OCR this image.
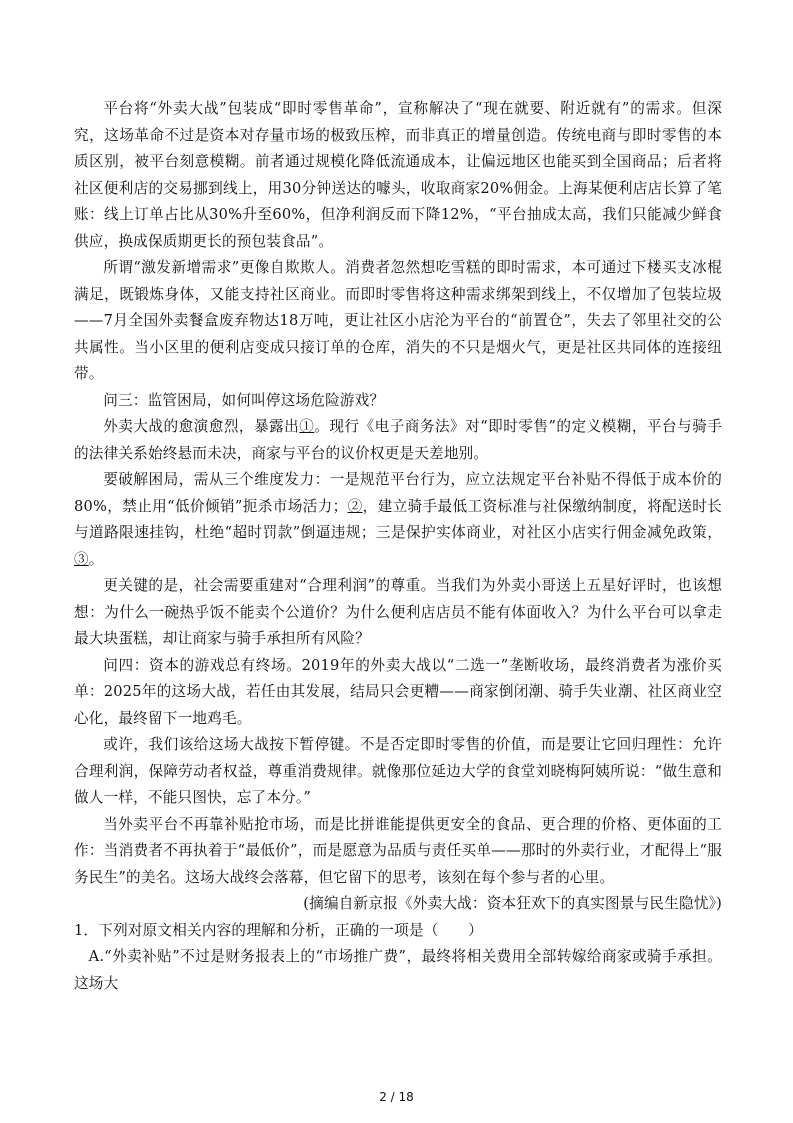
平台将“外卖大战”包装成“即时零售革命”，宣称解决了“现在就要、附近就有”的需求。但深究，这场革命不过是资本对存量市场的极致压榨，而非真正的增量创造。传统电商与即时零售的本质区别，被平台刻意模糊。前者通过规模化降低流通成本，让偏远地区也能买到全国商品；后者将社区便利店的交易挪到线上，用30分钟送达的噱头，收取商家20%佣金。上海某便利店店长算了笔账：线上订单占比从30%升至60%，但净利润反而下降12%，“平台抽成太高，我们只能减少鲜食供应，换成保质期更长的预包装食品”。

所谓“激发新增需求”更像自欺欺人。消费者忽然想吃雪糕的即时需求，本可通过下楼买支冰棍满足，既锻炼身体，又能支持社区商业。而即时零售将这种需求绑架到线上，不仅增加了包装垃圾——7月全国外卖餐盒废弃物达18万吨，更让社区小店沦为平台的“前置仓”，失去了邻里社交的公共属性。当小区里的便利店变成只接订单的仓库，消失的不只是烟火气，更是社区共同体的连接纽带。

问三：监管困局，如何叫停这场危险游戏？

外卖大战的愈演愈烈，暴露出①。现行《电子商务法》对“即时零售”的定义模糊，平台与骑手的法律关系始终悬而未决，商家与平台的议价权更是天差地别。

要破解困局，需从三个维度发力：一是规范平台行为，应立法规定平台补贴不得低于成本价的80%，禁止用“低价倾销”扼杀市场活力；②，建立骑手最低工资标准与社保缴纳制度，将配送时长与道路限速挂钩，杜绝“超时罚款”倒逼违规；三是保护实体商业，对社区小店实行佣金减免政策，③。

更关键的是，社会需要重建对“合理利润”的尊重。当我们为外卖小哥送上五星好评时，也该想想：为什么一碗热乎饭不能卖个公道价？为什么便利店店员不能有体面收入？为什么平台可以拿走最大块蛋糕，却让商家与骑手承担所有风险？

问四：资本的游戏总有终场。2019年的外卖大战以“二选一”垄断收场，最终消费者为涨价买单：2025年的这场大战，若任由其发展，结局只会更糟——商家倒闭潮、骑手失业潮、社区商业空心化，最终留下一地鸡毛。

或许，我们该给这场大战按下暂停键。不是否定即时零售的价值，而是要让它回归理性：允许合理利润，保障劳动者权益，尊重消费规律。就像那位延边大学的食堂刘晓梅阿姨所说：“做生意和做人一样，不能只图快，忘了本分。”

当外卖平台不再靠补贴抢市场，而是比拼谁能提供更安全的食品、更合理的价格、更体面的工作：当消费者不再执着于“最低价”，而是愿意为品质与责任买单——那时的外卖行业，才配得上“服务民生”的美名。这场大战终会落幕，但它留下的思考，该刻在每个参与者的心里。

(摘编自新京报《外卖大战：资本狂欢下的真实图景与民生隐忧》)

1．下列对原文相关内容的理解和分析，正确的一项是（　　）

A.“外卖补贴”不过是财务报表上的“市场推广费”，最终将相关费用全部转嫁给商家或骑手承担。这场大

2 / 18
